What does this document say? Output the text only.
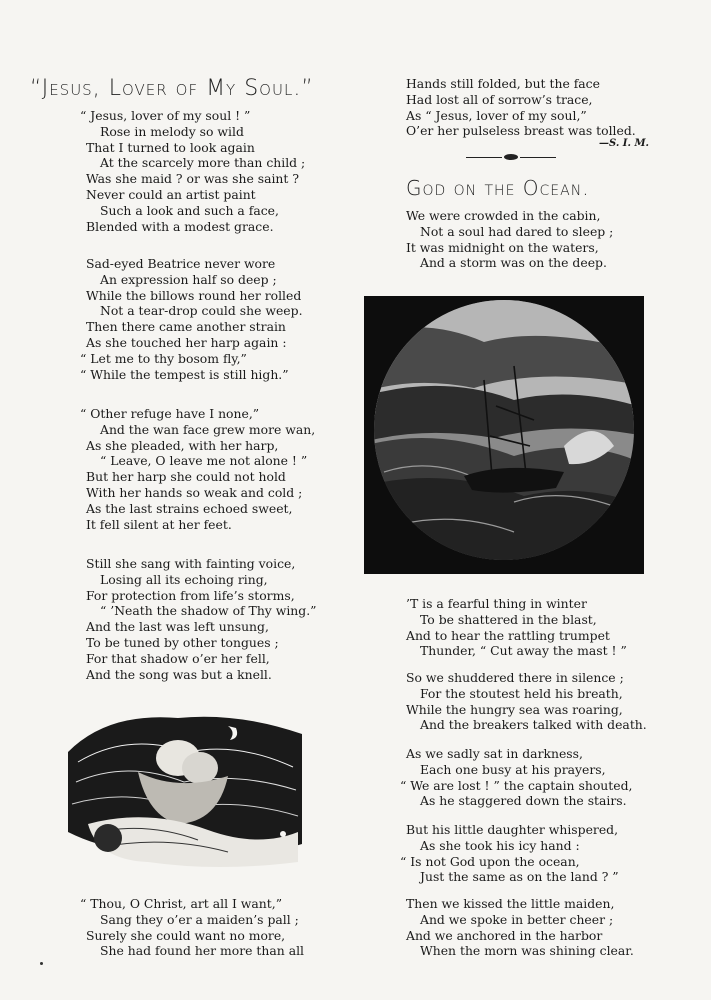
“Jesus, Lover of My Soul.”
“ Jesus, lover of my soul ! ”
Rose in melody so wild
That I turned to look again
At the scarcely more than child ;
Was she maid ? or was she saint ?
Never could an artist paint
Such a look and such a face,
Blended with a modest grace.
Sad-eyed Beatrice never wore
An expression half so deep ;
While the billows round her rolled
Not a tear-drop could she weep.
Then there came another strain
As she touched her harp again :
“ Let me to thy bosom fly,”
“ While the tempest is still high.”
“ Other refuge have I none,”
And the wan face grew more wan,
As she pleaded, with her harp,
“ Leave, O leave me not alone ! ”
But her harp she could not hold
With her hands so weak and cold ;
As the last strains echoed sweet,
It fell silent at her feet.
Still she sang with fainting voice,
Losing all its echoing ring,
For protection from life’s storms,
“ ’Neath the shadow of Thy wing.”
And the last was left unsung,
To be tuned by other tongues ;
For that shadow o’er her fell,
And the song was but a knell.
“ Thou, O Christ, art all I want,”
Sang they o’er a maiden’s pall ;
Surely she could want no more,
She had found her more than all
Hands still folded, but the face
Had lost all of sorrow’s trace,
As “ Jesus, lover of my soul,”
O’er her pulseless breast was tolled.
—S. I. M.
God on the Ocean.
We were crowded in the cabin,
Not a soul had dared to sleep ;
It was midnight on the waters,
And a storm was on the deep.
’T is a fearful thing in winter
To be shattered in the blast,
And to hear the rattling trumpet
Thunder, “ Cut away the mast ! ”
So we shuddered there in silence ;
For the stoutest held his breath,
While the hungry sea was roaring,
And the breakers talked with death.
As we sadly sat in darkness,
Each one busy at his prayers,
“ We are lost ! ” the captain shouted,
As he staggered down the stairs.
But his little daughter whispered,
As she took his icy hand :
“ Is not God upon the ocean,
Just the same as on the land ? ”
Then we kissed the little maiden,
And we spoke in better cheer ;
And we anchored in the harbor
When the morn was shining clear.
